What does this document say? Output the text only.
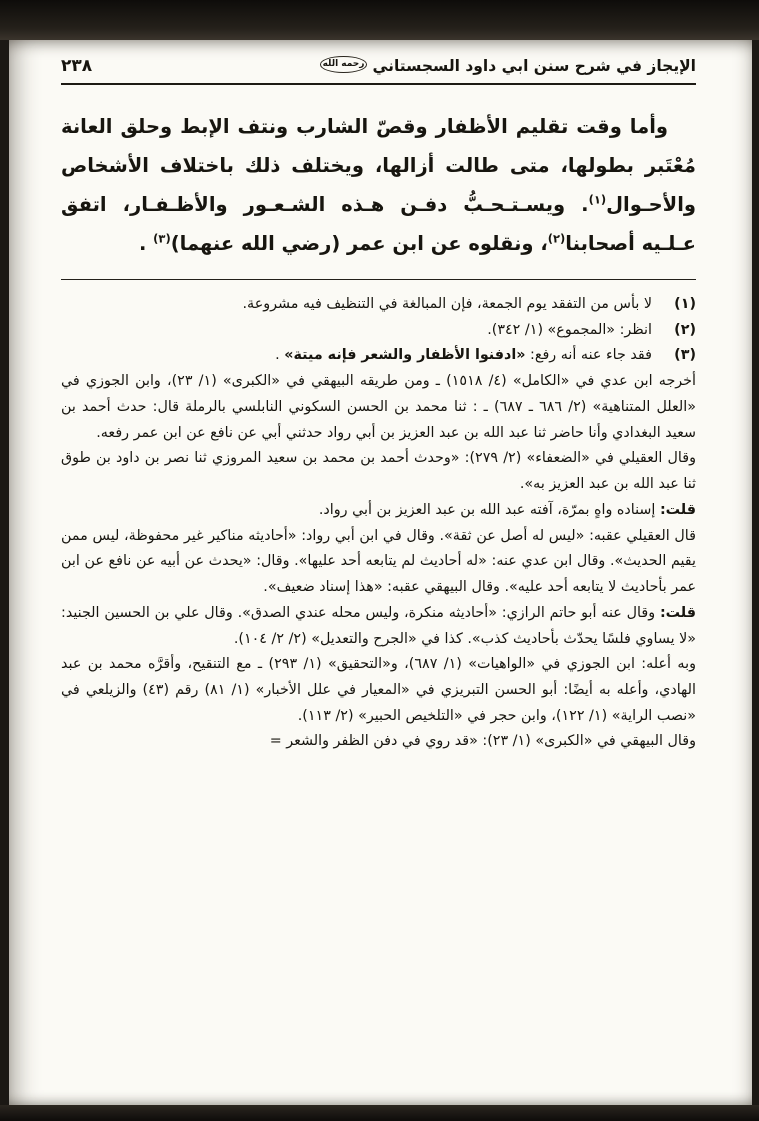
الإيجاز في شرح سنن ابي داود السجستاني
رحمه الله
٢٣٨

وأما وقت تقليم الأظفار وقصّ الشارب ونتف الإبط وحلق العانة مُعْتَبر بطولها، متى طالت أزالها، ويختلف ذلك باختلاف الأشخاص والأحـوال$^{(١)}$. ويسـتـحـبُّ دفـن هـذه الشـعـور والأظـفـار، اتفق عـلـيه أصحابنا$^{(٢)}$، ونقلوه عن ابن عمر (رضي الله عنهما)$^{(٣)}$ .

(١)
لا بأس من التفقد يوم الجمعة، فإن المبالغة في التنظيف فيه مشروعة.
(٢)
انظر: «المجموع» (١/ ٣٤٢).
(٣)
فقد جاء عنه أنه رفع: «ادفنوا الأظفار والشعر فإنه ميتة» .

أخرجه ابن عدي في «الكامل» (٤/ ١٥١٨) ـ ومن طريقه البيهقي في «الكبرى» (١/ ٢٣)، وابن الجوزي في «العلل المتناهية» (٢/ ٦٨٦ ـ ٦٨٧) ـ : ثنا محمد بن الحسن السكوني النابلسي بالرملة قال: حدث أحمد بن سعيد البغدادي وأنا حاضر ثنا عبد الله بن عبد العزيز بن أبي رواد حدثني أبي عن نافع عن ابن عمر رفعه.

وقال العقيلي في «الضعفاء» (٢/ ٢٧٩): «وحدث أحمد بن محمد بن سعيد المروزي ثنا نصر بن داود بن طوق ثنا عبد الله بن عبد العزيز به».

قلت: إسناده واهٍ بمرّة، آفته عبد الله بن عبد العزيز بن أبي رواد.

قال العقيلي عقبه: «ليس له أصل عن ثقة». وقال في ابن أبي رواد: «أحاديثه مناكير غير محفوظة، ليس ممن يقيم الحديث». وقال ابن عدي عنه: «له أحاديث لم يتابعه أحد عليها». وقال: «يحدث عن أبيه عن نافع عن ابن عمر بأحاديث لا يتابعه أحد عليه». وقال البيهقي عقبه: «هذا إسناد ضعيف».

قلت: وقال عنه أبو حاتم الرازي: «أحاديثه منكرة، وليس محله عندي الصدق». وقال علي بن الحسين الجنيد: «لا يساوي فلسًا يحدّث بأحاديث كذب». كذا في «الجرح والتعديل» (٢/ ٢/ ١٠٤).

وبه أعله: ابن الجوزي في «الواهيات» (١/ ٦٨٧)، و«التحقيق» (١/ ٢٩٣) ـ مع التنقيح، وأقرَّه محمد بن عبد الهادي، وأعله به أيضًا: أبو الحسن التبريزي في «المعيار في علل الأخبار» (١/ ٨١) رقم (٤٣) والزيلعي في «نصب الراية» (١/ ١٢٢)، وابن حجر في «التلخيص الحبير» (٢/ ١١٣).

وقال البيهقي في «الكبرى» (١/ ٢٣): «قد روي في دفن الظفر والشعر =
